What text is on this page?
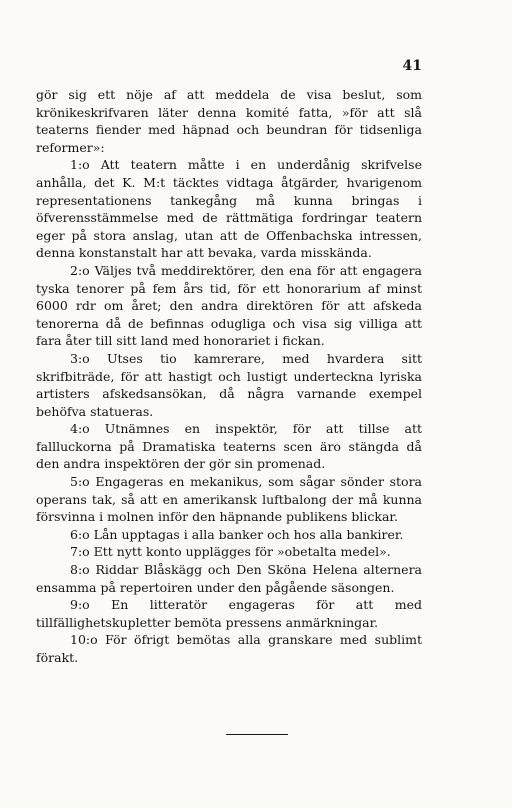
41

gör sig ett nöje af att meddela de visa beslut, som krönikeskrifvaren läter denna komité fatta, »för att slå teaterns fiender med häpnad och beundran för tidsenliga reformer»:

1:o Att teatern måtte i en underdånig skrifvelse anhålla, det K. M:t täcktes vidtaga åtgärder, hvarigenom representationens tankegång må kunna bringas i öfverensstämmelse med de rättmätiga fordringar teatern eger på stora anslag, utan att de Offenbachska intressen, denna konstanstalt har att bevaka, varda misskända.

2:o Väljes två meddirektörer, den ena för att engagera tyska tenorer på fem års tid, för ett honorarium af minst 6000 rdr om året; den andra direktören för att afskeda tenorerna då de befinnas odugliga och visa sig villiga att fara åter till sitt land med honorariet i fickan.

3:o Utses tio kamrerare, med hvardera sitt skrifbiträde, för att hastigt och lustigt underteckna lyriska artisters afskedsansökan, då några varnande exempel behöfva statueras.

4:o Utnämnes en inspektör, för att tillse att fallluckorna på Dramatiska teaterns scen äro stängda då den andra inspektören der gör sin promenad.

5:o Engageras en mekanikus, som sågar sönder stora operans tak, så att en amerikansk luftbalong der må kunna försvinna i molnen inför den häpnande publikens blickar.

6:o Lån upptagas i alla banker och hos alla bankirer.

7:o Ett nytt konto upplägges för »obetalta medel».

8:o Riddar Blåskägg och Den Sköna Helena alternera ensamma på repertoiren under den pågående säsongen.

9:o En litteratör engageras för att med tillfällighetskupletter bemöta pressens anmärkningar.

10:o För öfrigt bemötas alla granskare med sublimt förakt.
